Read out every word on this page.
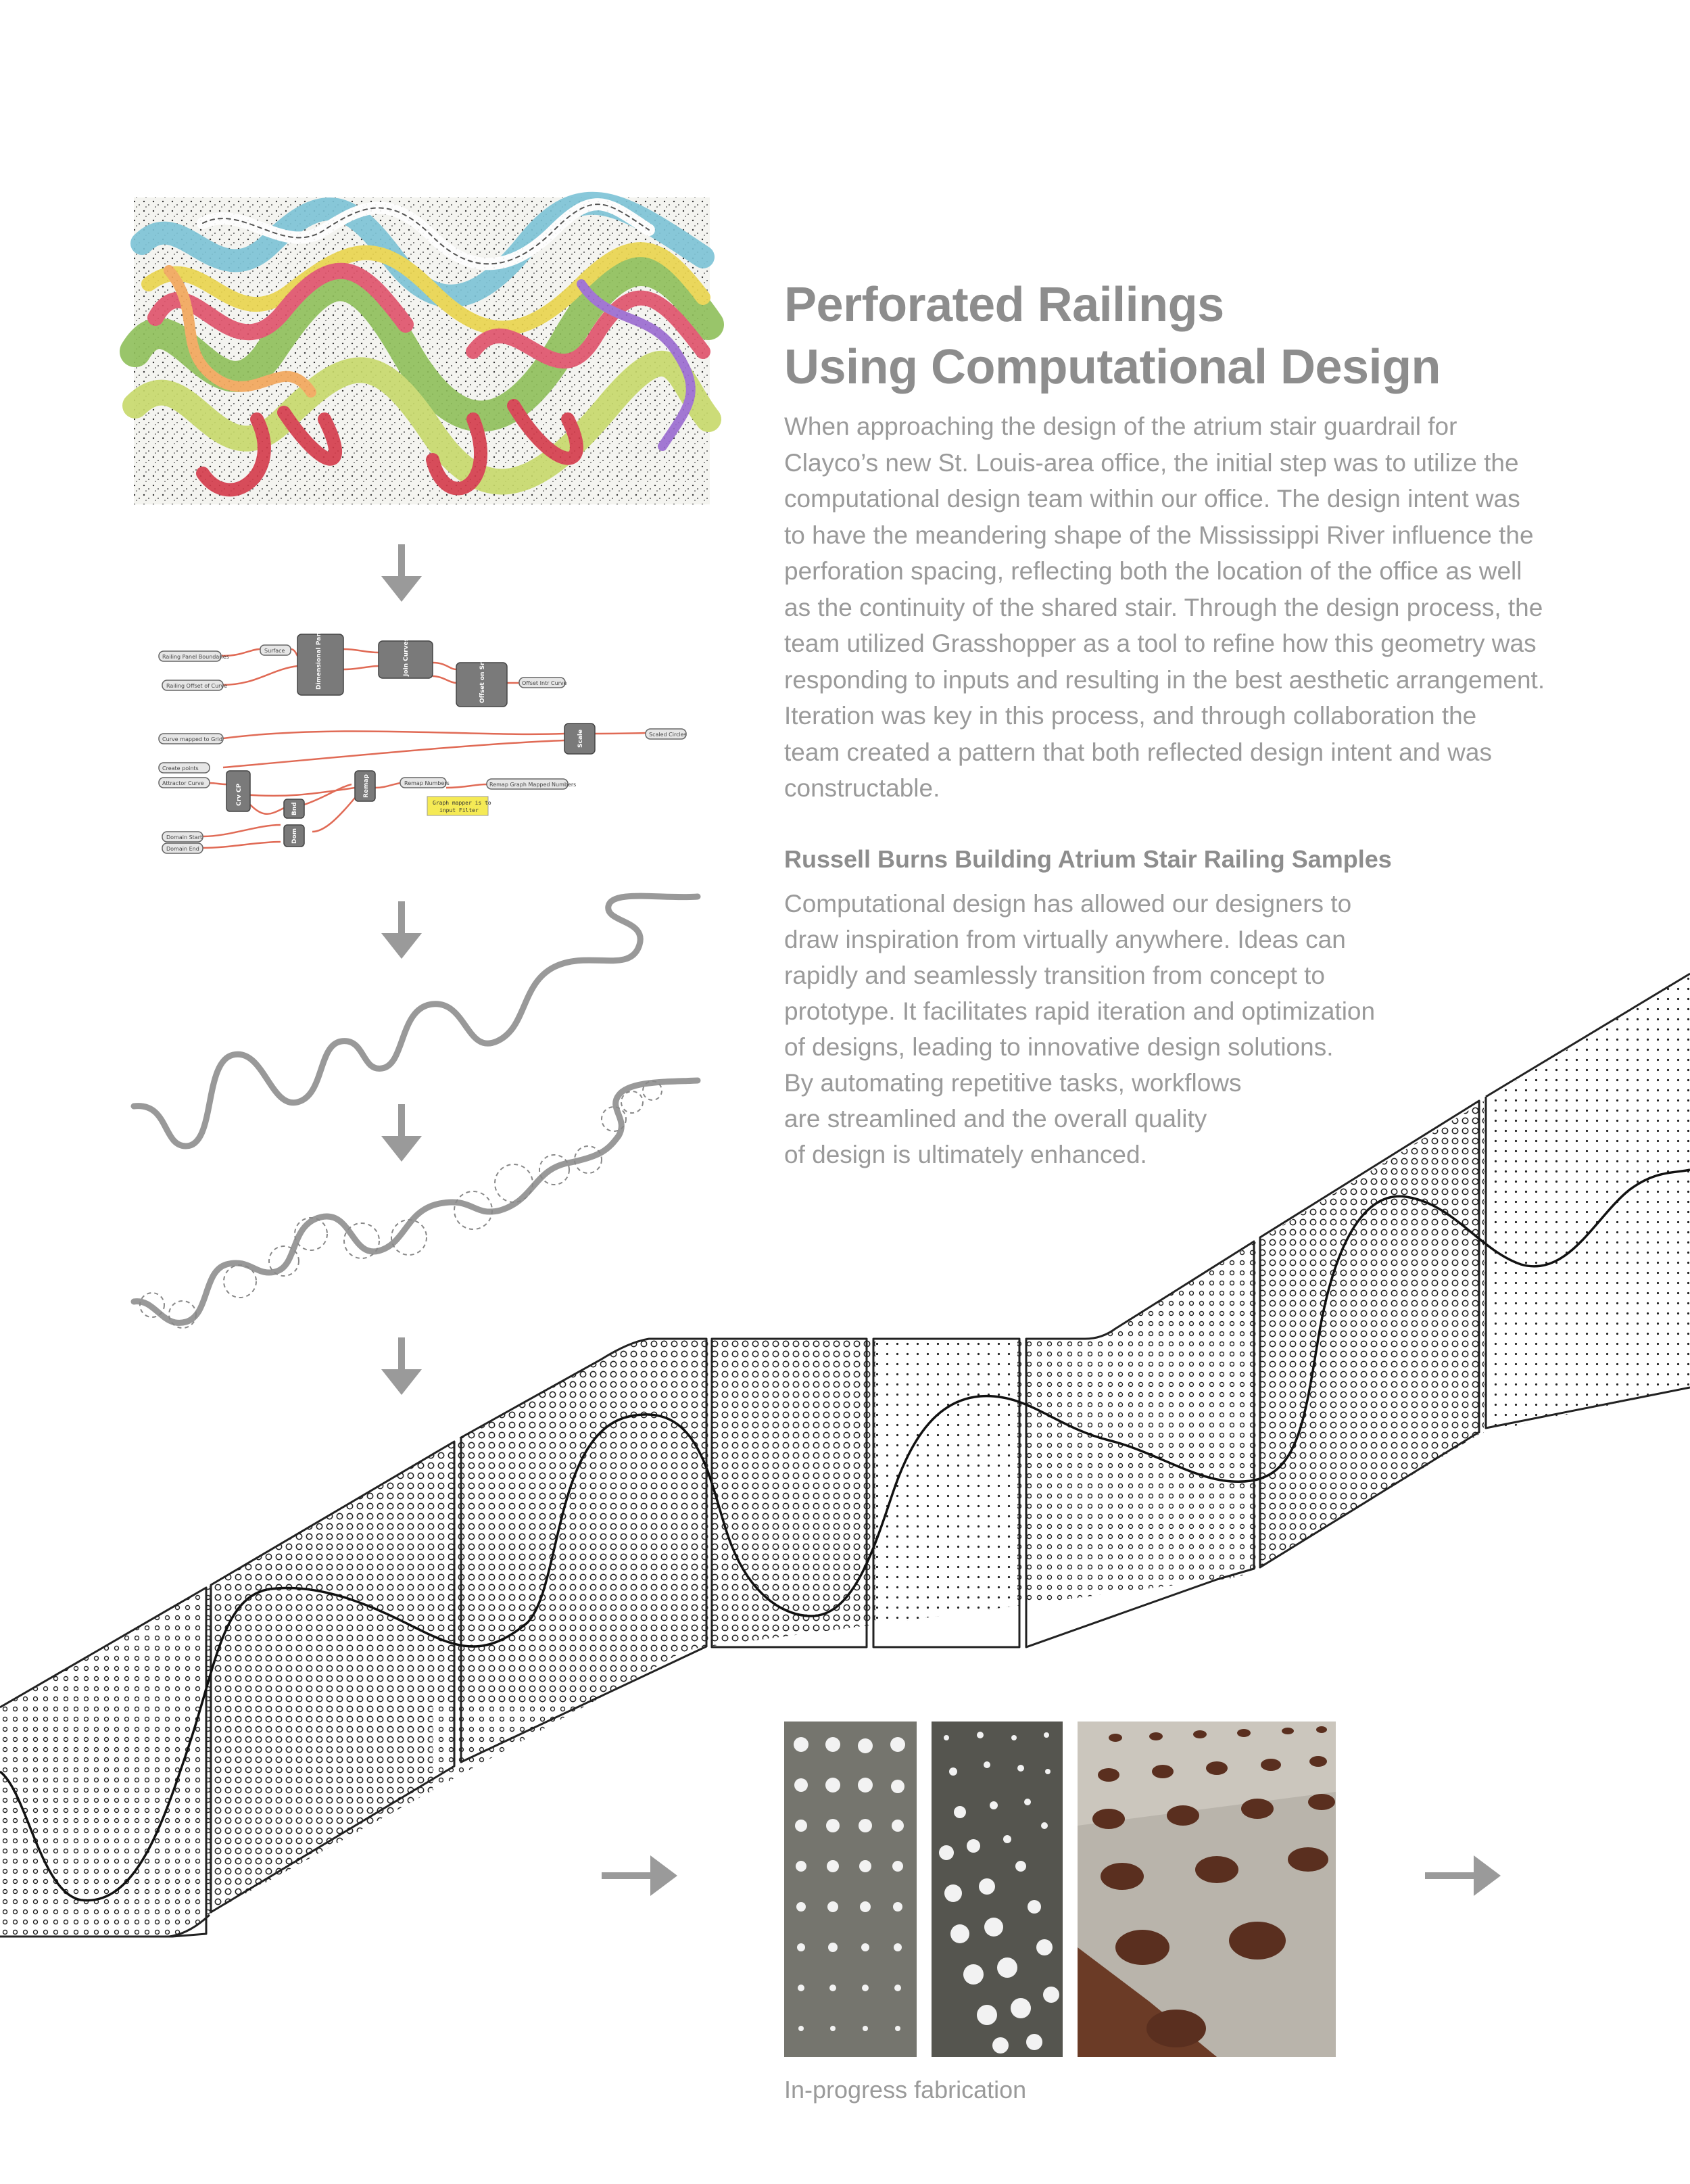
Railing Panel Boundaries
Railing Offset of Curve
Curve mapped to Grid
Create points
Attractor Curve
Domain Start
Domain End
Surface
Offset Intr Curve
Scaled Circles
Remap Numbers	Remap Graph Mapped Numbers
Dimensional Panel	Join Curves
Offset on Srf
Scale
Crv CP	Remap
Bnd
Dom
Graph mapper is to
input Filter
Perforated Railings
Using Computational Design

When approaching the design of the atrium stair guardrail for
Clayco’s new St. Louis-area office, the initial step was to utilize the
computational design team within our office. The design intent was
to have the meandering shape of the Mississippi River influence the
perforation spacing, reflecting both the location of the office as well
as the continuity of the shared stair. Through the design process, the
team utilized Grasshopper as a tool to refine how this geometry was
responding to inputs and resulting in the best aesthetic arrangement.
Iteration was key in this process, and through collaboration the
team created a pattern that both reflected design intent and was
constructable.

Russell Burns Building Atrium Stair Railing Samples

Computational design has allowed our designers to
draw inspiration from virtually anywhere. Ideas can
rapidly and seamlessly transition from concept to
prototype. It facilitates rapid iteration and optimization
of designs, leading to innovative design solutions.
By automating repetitive tasks, workflows
are streamlined and the overall quality
of design is ultimately enhanced.

In-progress fabrication
